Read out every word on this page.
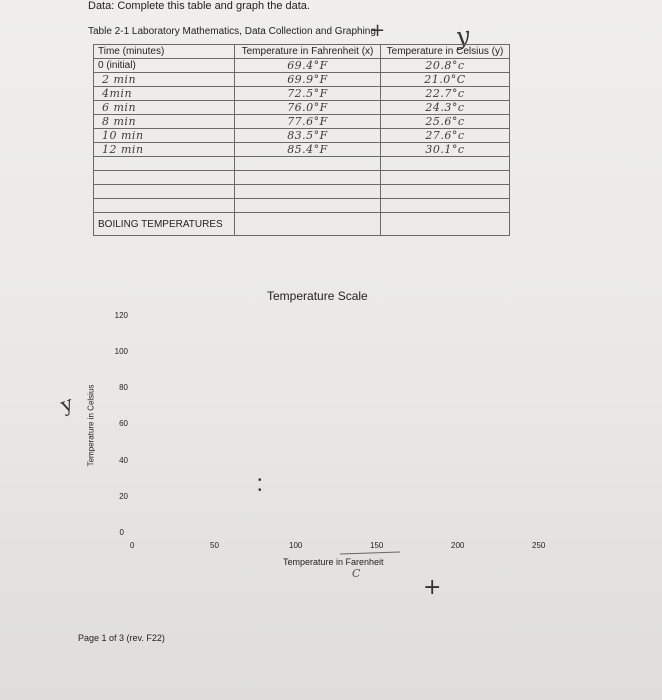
Data: Complete this table and graph the data.
Table 2-1 Laboratory Mathematics, Data Collection and Graphing
+	y
Time (minutes)	Temperature in Fahrenheit (x)	Temperature in Celsius (y)
0 (initial)	69.4°F	20.8°c
2 min	69.9°F	21.0°C
4min	72.5°F	22.7°c
6 min	76.0°F	24.3°c
8 min	77.6°F	25.6°c
10 min	83.5°F	27.6°c
12 min	85.4°F	30.1°c

BOILING TEMPERATURES		
Temperature Scale
120
100
80
60
40
20
0
Temperature in Celsius
0	50	100	150	200	250
Temperature in Farenheit
C
•
•
y
+
Page 1 of 3 (rev. F22)
